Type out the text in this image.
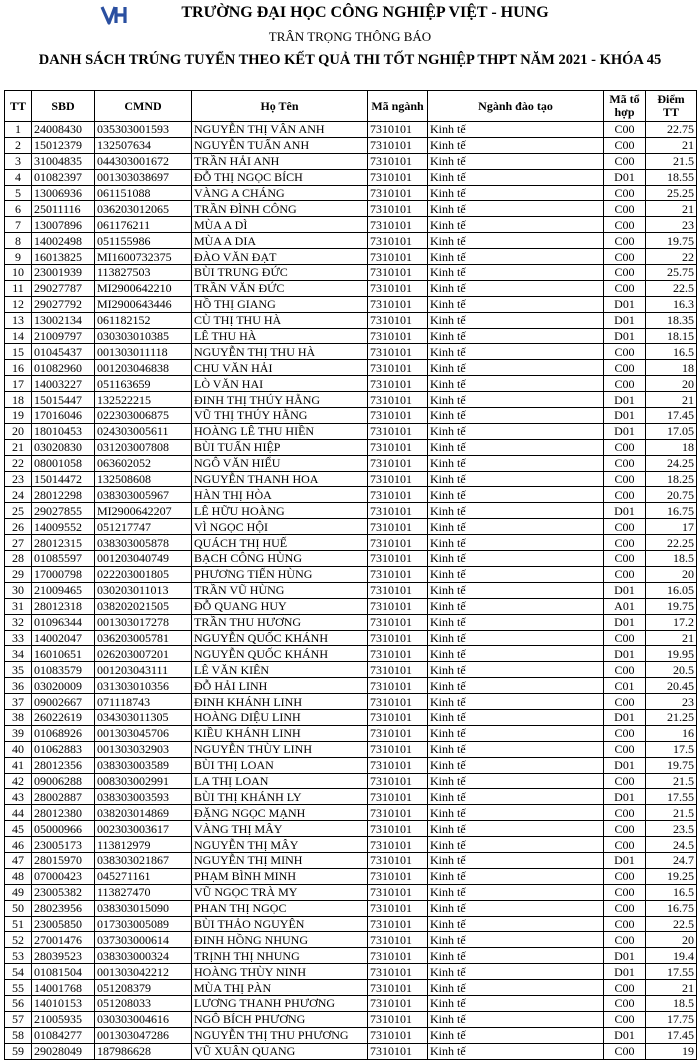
TRƯỜNG ĐẠI HỌC CÔNG NGHIỆP VIỆT - HUNG
TRÂN TRỌNG THÔNG BÁO
DANH SÁCH TRÚNG TUYỂN THEO KẾT QUẢ THI TỐT NGHIỆP THPT NĂM 2021 - KHÓA 45
TT	SBD	CMND	Họ Tên	Mã ngành	Ngành đào tạo	Mã tổ hợp	Điểm TT
1	24008430	035303001593	NGUYỄN THỊ VÂN ANH	7310101	Kinh tế	C00	22.75
2	15012379	132507634	NGUYỄN TUẤN ANH	7310101	Kinh tế	C00	21
3	31004835	044303001672	TRẦN HẢI ANH	7310101	Kinh tế	C00	21.5
4	01082397	001303038697	ĐỖ THỊ NGỌC BÍCH	7310101	Kinh tế	D01	18.55
5	13006936	061151088	VÀNG A CHÁNG	7310101	Kinh tế	C00	25.25
6	25011116	036203012065	TRẦN ĐÌNH CÔNG	7310101	Kinh tế	C00	21
7	13007896	061176211	MÙA A DÌ	7310101	Kinh tế	C00	23
8	14002498	051155986	MÙA A DIA	7310101	Kinh tế	C00	19.75
9	16013825	MI1600732375	ĐÀO VĂN ĐẠT	7310101	Kinh tế	C00	22
10	23001939	113827503	BÙI TRUNG ĐỨC	7310101	Kinh tế	C00	25.75
11	29027787	MI2900642210	TRẦN VĂN ĐỨC	7310101	Kinh tế	C00	22.5
12	29027792	MI2900643446	HỒ THỊ GIANG	7310101	Kinh tế	D01	16.3
13	13002134	061182152	CÙ THỊ THU HÀ	7310101	Kinh tế	D01	18.35
14	21009797	030303010385	LÊ THU HÀ	7310101	Kinh tế	D01	18.15
15	01045437	001303011118	NGUYỄN THỊ THU HÀ	7310101	Kinh tế	C00	16.5
16	01082960	001203046838	CHU VĂN HẢI	7310101	Kinh tế	C00	18
17	14003227	051163659	LÒ VĂN HAI	7310101	Kinh tế	C00	20
18	15015447	132522215	ĐINH THỊ THÚY HẰNG	7310101	Kinh tế	D01	21
19	17016046	022303006875	VŨ THỊ THÚY HẰNG	7310101	Kinh tế	D01	17.45
20	18010453	024303005611	HOÀNG LÊ THU HIỀN	7310101	Kinh tế	D01	17.05
21	03020830	031203007808	BÙI TUẤN HIỆP	7310101	Kinh tế	C00	18
22	08001058	063602052	NGÔ VĂN HIỂU	7310101	Kinh tế	C00	24.25
23	15014472	132508608	NGUYỄN THANH HOA	7310101	Kinh tế	C00	18.25
24	28012298	038303005967	HÀN THỊ HÒA	7310101	Kinh tế	C00	20.75
25	29027855	MI2900642207	LÊ HỮU HOÀNG	7310101	Kinh tế	D01	16.75
26	14009552	051217747	VÌ NGỌC HỘI	7310101	Kinh tế	C00	17
27	28012315	038303005878	QUÁCH THỊ HUẾ	7310101	Kinh tế	C00	22.25
28	01085597	001203040749	BẠCH CÔNG HÙNG	7310101	Kinh tế	C00	18.5
29	17000798	022203001805	PHƯƠNG TIẾN HÙNG	7310101	Kinh tế	C00	20
30	21009465	030203011013	TRẦN VŨ HÙNG	7310101	Kinh tế	D01	16.05
31	28012318	038202021505	ĐỖ QUANG HUY	7310101	Kinh tế	A01	19.75
32	01096344	001303017278	TRẦN THU HƯƠNG	7310101	Kinh tế	D01	17.2
33	14002047	036203005781	NGUYỄN QUỐC KHÁNH	7310101	Kinh tế	C00	21
34	16010651	026203007201	NGUYỄN QUỐC KHÁNH	7310101	Kinh tế	D01	19.95
35	01083579	001203043111	LÊ VĂN KIÊN	7310101	Kinh tế	C00	20.5
36	03020009	031303010356	ĐỖ HẢI LINH	7310101	Kinh tế	C01	20.45
37	09002667	071118743	ĐINH KHÁNH LINH	7310101	Kinh tế	C00	23
38	26022619	034303011305	HOÀNG DIỆU LINH	7310101	Kinh tế	D01	21.25
39	01068926	001303045706	KIỀU KHÁNH LINH	7310101	Kinh tế	C00	16
40	01062883	001303032903	NGUYỄN THÙY LINH	7310101	Kinh tế	C00	17.5
41	28012356	038303003589	BÙI THỊ LOAN	7310101	Kinh tế	D01	19.75
42	09006288	008303002991	LA THỊ LOAN	7310101	Kinh tế	C00	21.5
43	28002887	038303003593	BÙI THỊ KHÁNH LY	7310101	Kinh tế	D01	17.55
44	28012380	038203014869	ĐẶNG NGỌC MẠNH	7310101	Kinh tế	C00	21.5
45	05000966	002303003617	VÀNG THỊ MÂY	7310101	Kinh tế	C00	23.5
46	23005173	113812979	NGUYỄN THỊ MÂY	7310101	Kinh tế	C00	24.5
47	28015970	038303021867	NGUYỄN THỊ MINH	7310101	Kinh tế	D01	24.7
48	07000423	045271161	PHẠM BÌNH MINH	7310101	Kinh tế	C00	19.25
49	23005382	113827470	VŨ NGỌC TRÀ MY	7310101	Kinh tế	C00	16.5
50	28023956	038303015090	PHAN THỊ NGỌC	7310101	Kinh tế	C00	16.75
51	23005850	017303005089	BÙI THẢO NGUYÊN	7310101	Kinh tế	C00	22.5
52	27001476	037303000614	ĐINH HỒNG NHUNG	7310101	Kinh tế	C00	20
53	28039523	038303000324	TRỊNH THỊ NHUNG	7310101	Kinh tế	D01	19.4
54	01081504	001303042212	HOÀNG THÙY NINH	7310101	Kinh tế	D01	17.55
55	14001768	051208379	MÙA THỊ PÀN	7310101	Kinh tế	C00	21
56	14010153	051208033	LƯƠNG THANH PHƯƠNG	7310101	Kinh tế	C00	18.5
57	21005935	030303004616	NGÔ BÍCH PHƯƠNG	7310101	Kinh tế	C00	17.75
58	01084277	001303047286	NGUYỄN THỊ THU PHƯƠNG	7310101	Kinh tế	D01	17.45
59	29028049	187986628	VŨ XUÂN QUANG	7310101	Kinh tế	C00	19
